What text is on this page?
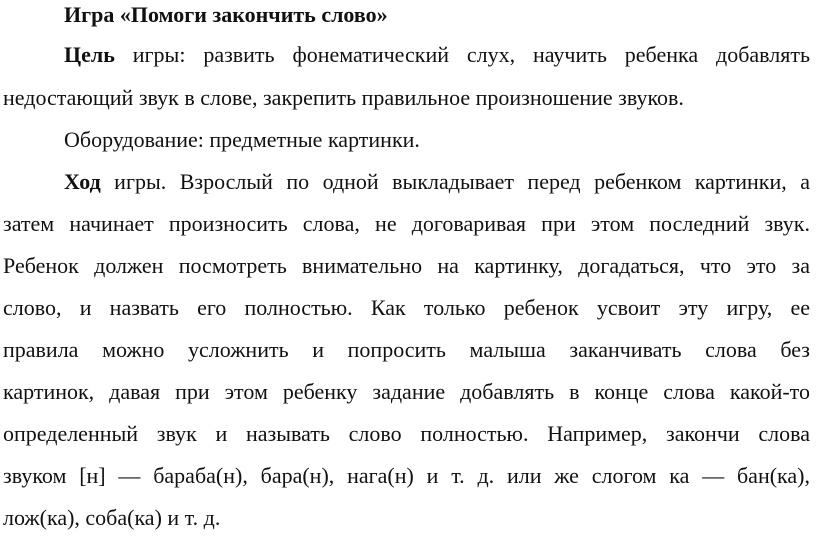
Игра «Помоги закончить слово»
Цель игры: развить фонематический слух, научить ребенка добавлять
недостающий звук в слове, закрепить правильное произношение звуков.
Оборудование: предметные картинки.
Ход игры. Взрослый по одной выкладывает перед ребенком картинки, а
затем начинает произносить слова, не договаривая при этом последний звук.
Ребенок должен посмотреть внимательно на картинку, догадаться, что это за
слово, и назвать его полностью. Как только ребенок усвоит эту игру, ее
правила можно усложнить и попросить малыша заканчивать слова без
картинок, давая при этом ребенку задание добавлять в конце слова какой-то
определенный звук и называть слово полностью. Например, закончи слова
звуком [н] — бараба(н), бара(н), нага(н) и т. д. или же слогом ка — бан(ка),
лож(ка), соба(ка) и т. д.
